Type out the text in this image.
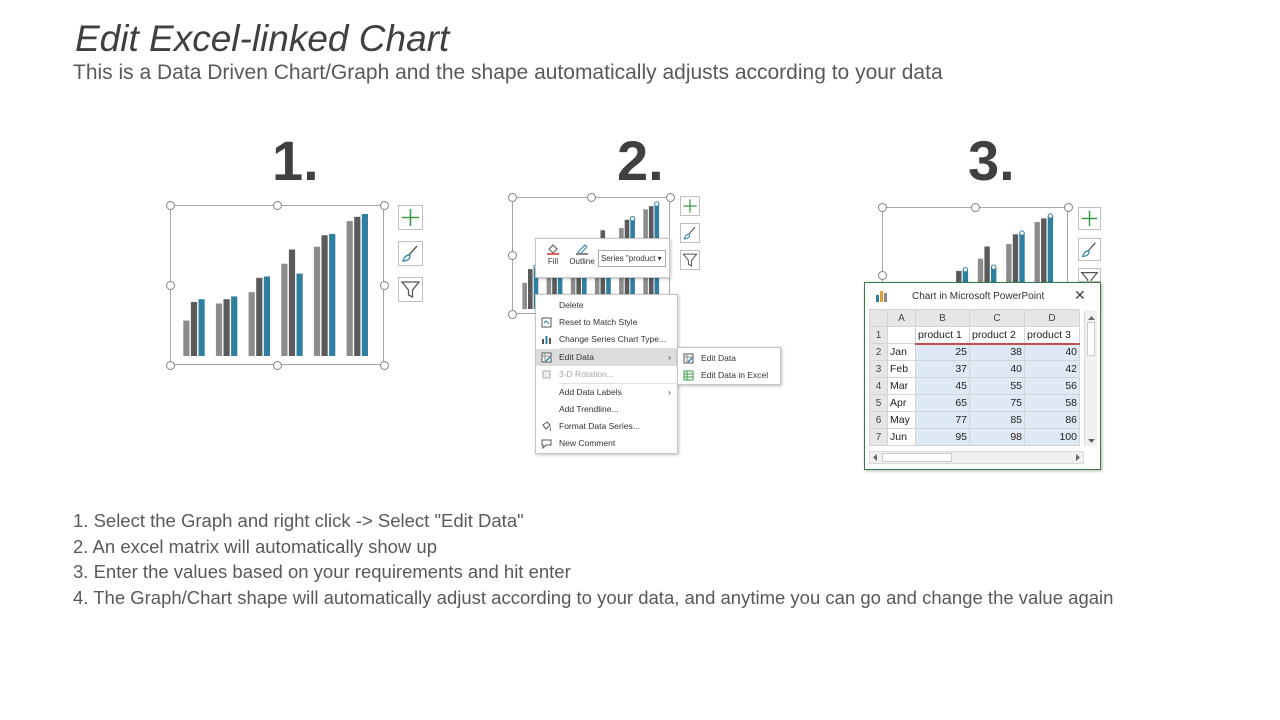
Edit Excel-linked Chart
This is a Data Driven Chart/Graph and the shape automatically adjusts according to your data
1.	2.	3.
Fill	Outline Series "product ▾
Delete
Reset to Match Style
Change Series Chart Type...
Edit Data	›
3-D Rotation...
Add Data Labels	›
Add Trendline...
Format Data Series...
New Comment
Edit Data
Edit Data in Excel
Chart in Microsoft PowerPoint ✕
	A	B	C	D
1		product 1	product 2	product 3
2	Jan	25	38	40
3	Feb	37	40	42
4	Mar	45	55	56
5	Apr	65	75	58
6	May	77	85	86
7	Jun	95	98	100
1. Select the Graph and right click -> Select "Edit Data"
2. An excel matrix will automatically show up
3. Enter the values based on your requirements and hit enter
4. The Graph/Chart shape will automatically adjust according to your data, and anytime you can go and change the value again
